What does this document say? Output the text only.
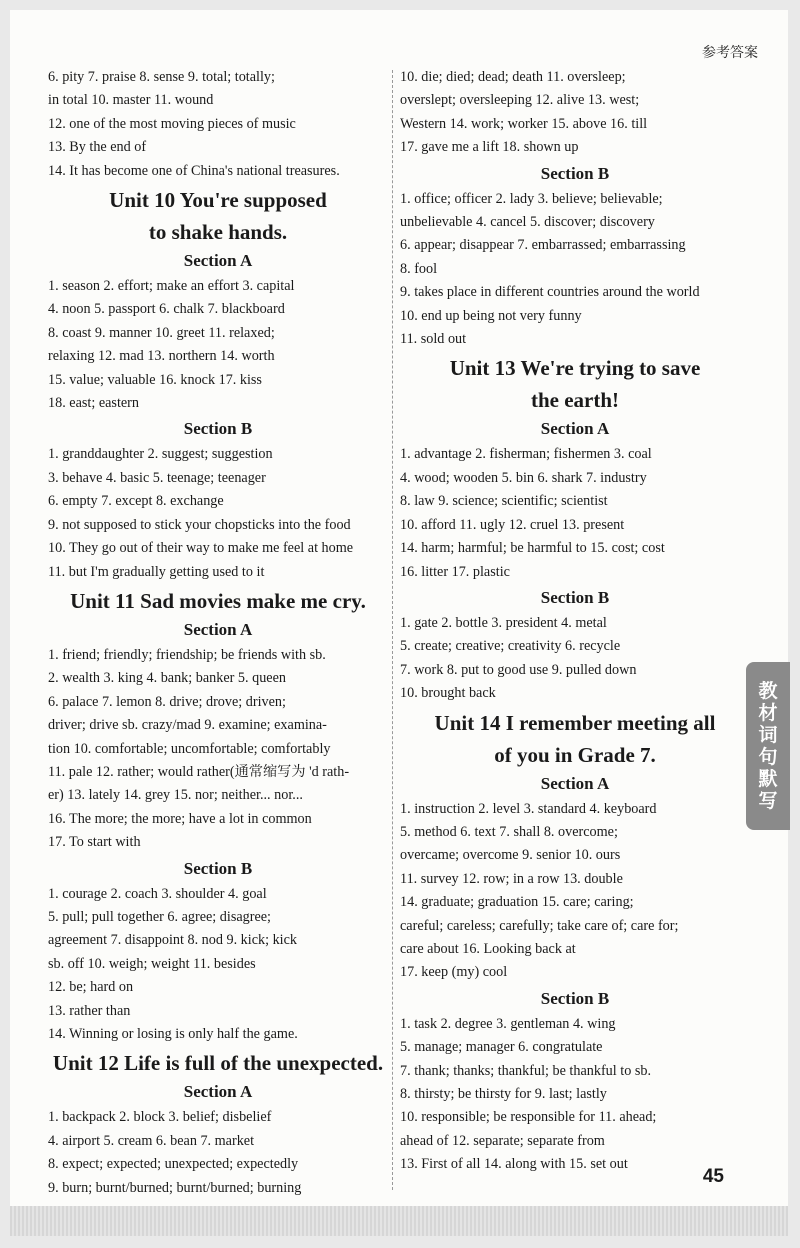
参考答案
6. pity 7. praise 8. sense 9. total; totally;
in total 10. master 11. wound
12. one of the most moving pieces of music
13. By the end of
14. It has become one of China's national treasures.
Unit 10 You're supposed
to shake hands.
Section A
1. season 2. effort; make an effort 3. capital
4. noon 5. passport 6. chalk 7. blackboard
8. coast 9. manner 10. greet 11. relaxed;
relaxing 12. mad 13. northern 14. worth
15. value; valuable 16. knock 17. kiss
18. east; eastern
Section B
1. granddaughter 2. suggest; suggestion
3. behave 4. basic 5. teenage; teenager
6. empty 7. except 8. exchange
9. not supposed to stick your chopsticks into the food
10. They go out of their way to make me feel at home
11. but I'm gradually getting used to it
Unit 11 Sad movies make me cry.
Section A
1. friend; friendly; friendship; be friends with sb.
2. wealth 3. king 4. bank; banker 5. queen
6. palace 7. lemon 8. drive; drove; driven;
driver; drive sb. crazy/mad 9. examine; examina-
tion 10. comfortable; uncomfortable; comfortably
11. pale 12. rather; would rather(通常缩写为 'd rath-
er) 13. lately 14. grey 15. nor; neither... nor...
16. The more; the more; have a lot in common
17. To start with
Section B
1. courage 2. coach 3. shoulder 4. goal
5. pull; pull together 6. agree; disagree;
agreement 7. disappoint 8. nod 9. kick; kick
sb. off 10. weigh; weight 11. besides
12. be; hard on
13. rather than
14. Winning or losing is only half the game.
Unit 12 Life is full of the unexpected.
Section A
1. backpack 2. block 3. belief; disbelief
4. airport 5. cream 6. bean 7. market
8. expect; expected; unexpected; expectedly
9. burn; burnt/burned; burnt/burned; burning
10. die; died; dead; death 11. oversleep;
overslept; oversleeping 12. alive 13. west;
Western 14. work; worker 15. above 16. till
17. gave me a lift 18. shown up
Section B
1. office; officer 2. lady 3. believe; believable;
unbelievable 4. cancel 5. discover; discovery
6. appear; disappear 7. embarrassed; embarrassing
8. fool
9. takes place in different countries around the world
10. end up being not very funny
11. sold out
Unit 13 We're trying to save
the earth!
Section A
1. advantage 2. fisherman; fishermen 3. coal
4. wood; wooden 5. bin 6. shark 7. industry
8. law 9. science; scientific; scientist
10. afford 11. ugly 12. cruel 13. present
14. harm; harmful; be harmful to 15. cost; cost
16. litter 17. plastic
Section B
1. gate 2. bottle 3. president 4. metal
5. create; creative; creativity 6. recycle
7. work 8. put to good use 9. pulled down
10. brought back
Unit 14 I remember meeting all
of you in Grade 7.
Section A
1. instruction 2. level 3. standard 4. keyboard
5. method 6. text 7. shall 8. overcome;
overcame; overcome 9. senior 10. ours
11. survey 12. row; in a row 13. double
14. graduate; graduation 15. care; caring;
careful; careless; carefully; take care of; care for;
care about 16. Looking back at
17. keep (my) cool
Section B
1. task 2. degree 3. gentleman 4. wing
5. manage; manager 6. congratulate
7. thank; thanks; thankful; be thankful to sb.
8. thirsty; be thirsty for 9. last; lastly
10. responsible; be responsible for 11. ahead;
ahead of 12. separate; separate from
13. First of all 14. along with 15. set out
45
教
材
词
句
默
写
